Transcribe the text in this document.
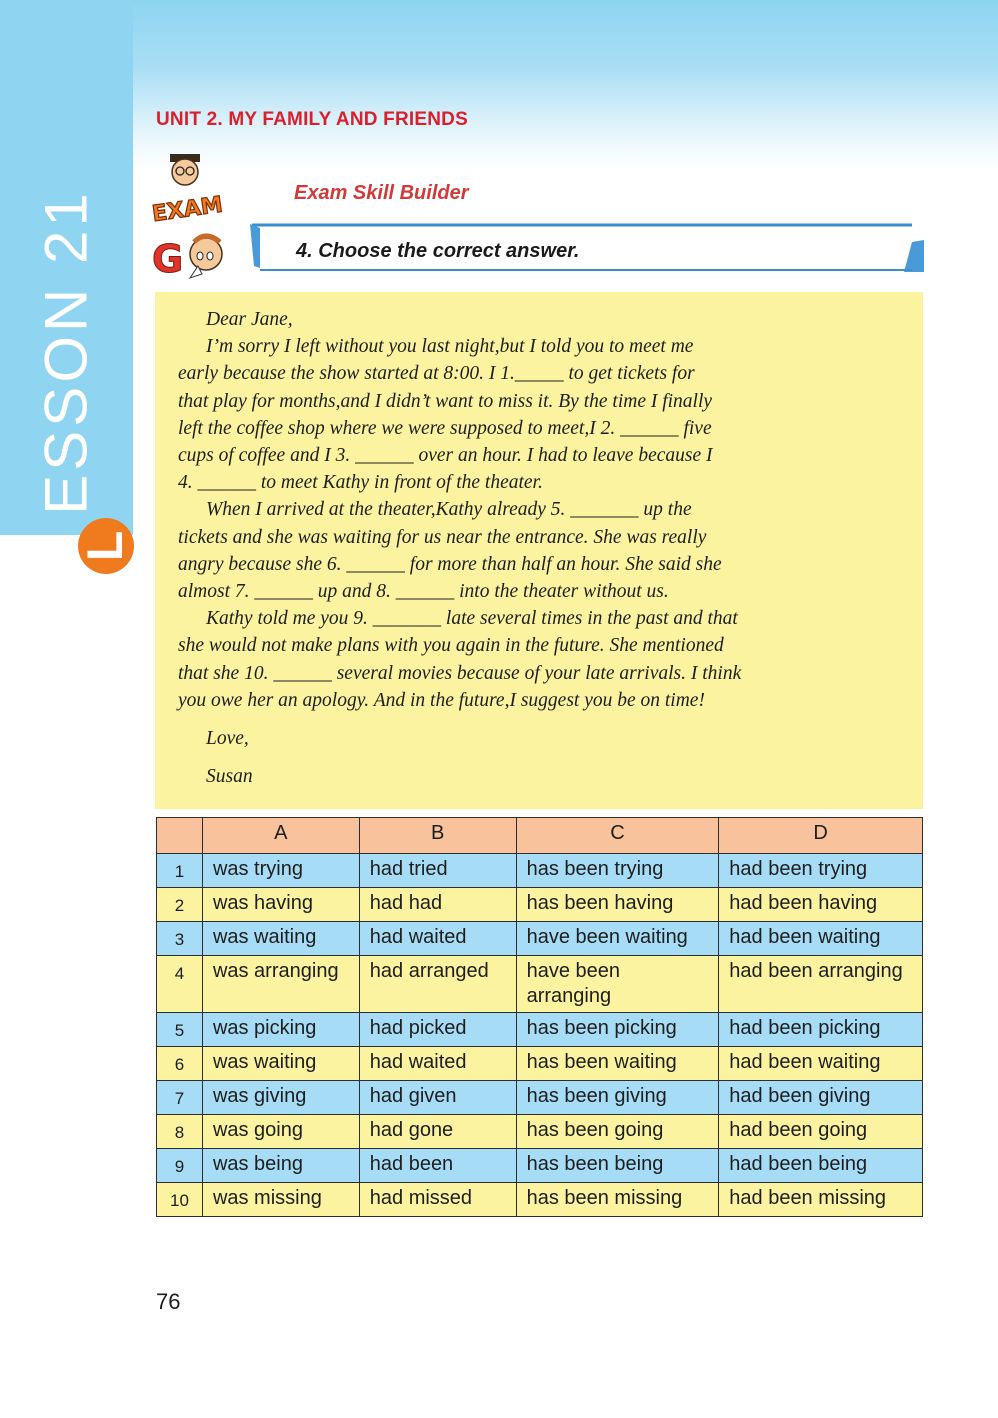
ESSON 21
L
UNIT 2. MY FAMILY AND FRIENDS
EXAM
G
Exam Skill Builder
4. Choose the correct answer.

Dear Jane,

I’m sorry I left without you last night,but I told you to meet me

early because the show started at 8:00. I 1._____ to get tickets for

that play for months,and I didn’t want to miss it. By the time I finally

left the coffee shop where we were supposed to meet,I 2. ______ five

cups of coffee and I 3. ______ over an hour. I had to leave because I

4. ______ to meet Kathy in front of the theater.

When I arrived at the theater,Kathy already 5. _______ up the

tickets and she was waiting for us near the entrance. She was really

angry because she 6. ______ for more than half an hour. She said she

almost 7. ______ up and 8. ______ into the theater without us.

Kathy told me you 9. _______ late several times in the past and that

she would not make plans with you again in the future. She mentioned

that she 10. ______ several movies because of your late arrivals. I think

you owe her an apology. And in the future,I suggest you be on time!

Love,

Susan

	A	B	C	D
1	was trying	had tried	has been trying	had been trying
2	was having	had had	has been having	had been having
3	was waiting	had waited	have been waiting	had been waiting
4	was arranging	had arranged	have been arranging	had been arranging
5	was picking	had picked	has been picking	had been picking
6	was waiting	had waited	has been waiting	had been waiting
7	was giving	had given	has been giving	had been giving
8	was going	had gone	has been going	had been going
9	was being	had been	has been being	had been being
10	was missing	had missed	has been missing	had been missing
76
